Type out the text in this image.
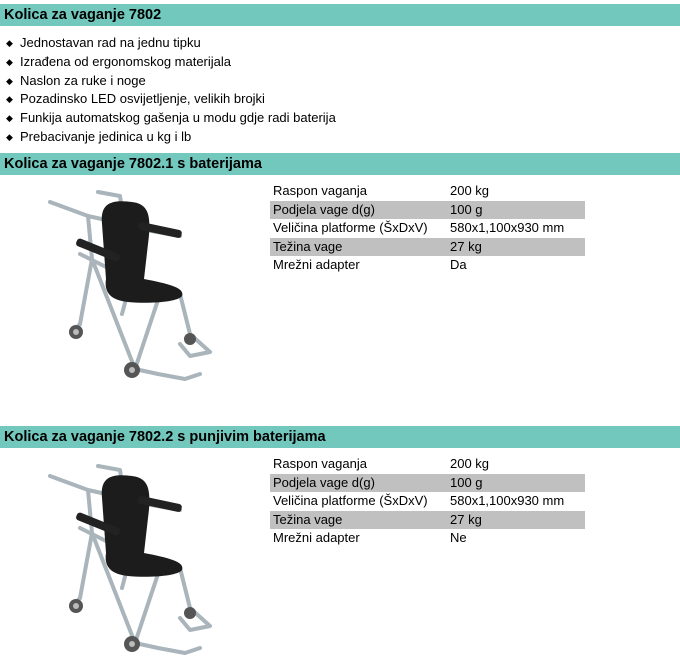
Kolica za vaganje 7802
◆ Jednostavan rad na jednu tipku
◆ Izrađena od ergonomskog materijala
◆ Naslon za ruke i noge
◆ Pozadinsko LED osvijetljenje, velikih brojki
◆ Funkija automatskog gašenja u modu gdje radi baterija
◆ Prebacivanje jedinica u kg i lb
Kolica za vaganje 7802.1 s baterijama
Raspon vaganja	200 kg
Podjela vage d(g)	100 g
Veličina platforme (ŠxDxV)	580x1,100x930 mm
Težina vage	27 kg
Mrežni adapter	Da
Kolica za vaganje 7802.2 s punjivim baterijama
Raspon vaganja	200 kg
Podjela vage d(g)	100 g
Veličina platforme (ŠxDxV)	580x1,100x930 mm
Težina vage	27 kg
Mrežni adapter	Ne
